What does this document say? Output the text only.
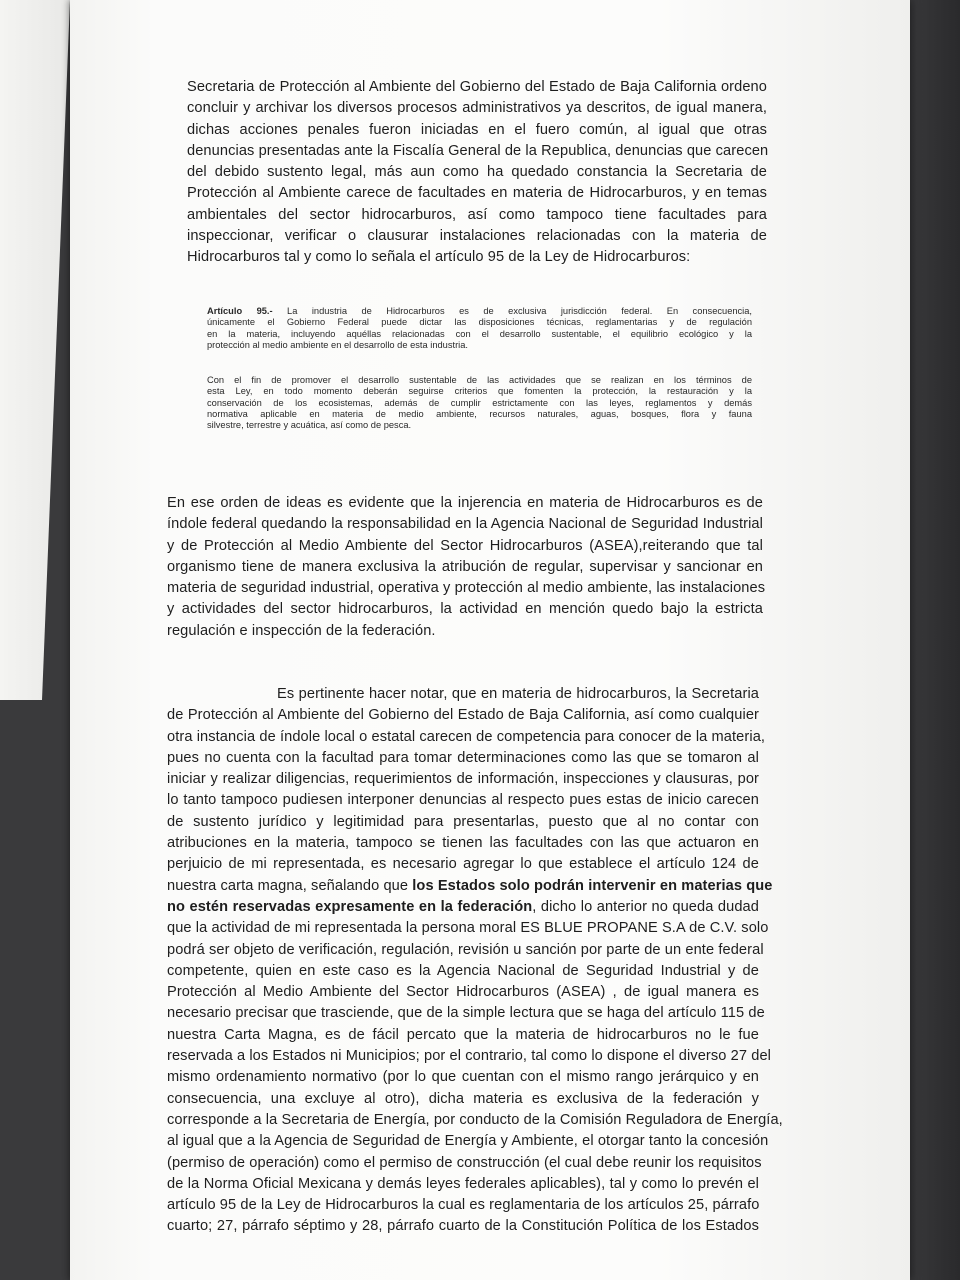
Secretaria de Protección al Ambiente del Gobierno del Estado de Baja California ordeno
concluir y archivar los diversos procesos administrativos ya descritos, de igual manera,
dichas acciones penales fueron iniciadas en el fuero común, al igual que otras
denuncias presentadas ante la Fiscalía General de la Republica, denuncias que carecen
del debido sustento legal, más aun como ha quedado constancia la Secretaria de
Protección al Ambiente carece de facultades en materia de Hidrocarburos, y en temas
ambientales del sector hidrocarburos, así como tampoco tiene facultades para
inspeccionar, verificar o clausurar instalaciones relacionadas con la materia de
Hidrocarburos tal y como lo señala el artículo 95 de la Ley de Hidrocarburos:
Artículo 95.- La industria de Hidrocarburos es de exclusiva jurisdicción federal. En consecuencia,
únicamente el Gobierno Federal puede dictar las disposiciones técnicas, reglamentarias y de regulación
en la materia, incluyendo aquéllas relacionadas con el desarrollo sustentable, el equilibrio ecológico y la
protección al medio ambiente en el desarrollo de esta industria.
Con el fin de promover el desarrollo sustentable de las actividades que se realizan en los términos de
esta Ley, en todo momento deberán seguirse criterios que fomenten la protección, la restauración y la
conservación de los ecosistemas, además de cumplir estrictamente con las leyes, reglamentos y demás
normativa aplicable en materia de medio ambiente, recursos naturales, aguas, bosques, flora y fauna
silvestre, terrestre y acuática, así como de pesca.
En ese orden de ideas es evidente que la injerencia en materia de Hidrocarburos es de
índole federal quedando la responsabilidad en la Agencia Nacional de Seguridad Industrial
y de Protección al Medio Ambiente del Sector Hidrocarburos (ASEA),reiterando que tal
organismo tiene de manera exclusiva la atribución de regular, supervisar y sancionar en
materia de seguridad industrial, operativa y protección al medio ambiente, las instalaciones
y actividades del sector hidrocarburos, la actividad en mención quedo bajo la estricta
regulación e inspección de la federación.
Es pertinente hacer notar, que en materia de hidrocarburos, la Secretaria
de Protección al Ambiente del Gobierno del Estado de Baja California, así como cualquier
otra instancia de índole local o estatal carecen de competencia para conocer de la materia,
pues no cuenta con la facultad para tomar determinaciones como las que se tomaron al
iniciar y realizar diligencias, requerimientos de información, inspecciones y clausuras, por
lo tanto tampoco pudiesen interponer denuncias al respecto pues estas de inicio carecen
de sustento jurídico y legitimidad para presentarlas, puesto que al no contar con
atribuciones en la materia, tampoco se tienen las facultades con las que actuaron en
perjuicio de mi representada, es necesario agregar lo que establece el artículo 124 de
nuestra carta magna, señalando que los Estados solo podrán intervenir en materias que
no estén reservadas expresamente en la federación, dicho lo anterior no queda dudad
que la actividad de mi representada la persona moral ES BLUE PROPANE S.A de C.V. solo
podrá ser objeto de verificación, regulación, revisión u sanción por parte de un ente federal
competente, quien en este caso es la Agencia Nacional de Seguridad Industrial y de
Protección al Medio Ambiente del Sector Hidrocarburos (ASEA) , de igual manera es
necesario precisar que trasciende, que de la simple lectura que se haga del artículo 115 de
nuestra Carta Magna, es de fácil percato que la materia de hidrocarburos no le fue
reservada a los Estados ni Municipios; por el contrario, tal como lo dispone el diverso 27 del
mismo ordenamiento normativo (por lo que cuentan con el mismo rango jerárquico y en
consecuencia, una excluye al otro), dicha materia es exclusiva de la federación y
corresponde a la Secretaria de Energía, por conducto de la Comisión Reguladora de Energía,
al igual que a la Agencia de Seguridad de Energía y Ambiente, el otorgar tanto la concesión
(permiso de operación) como el permiso de construcción (el cual debe reunir los requisitos
de la Norma Oficial Mexicana y demás leyes federales aplicables), tal y como lo prevén el
artículo 95 de la Ley de Hidrocarburos la cual es reglamentaria de los artículos 25, párrafo
cuarto; 27, párrafo séptimo y 28, párrafo cuarto de la Constitución Política de los Estados
